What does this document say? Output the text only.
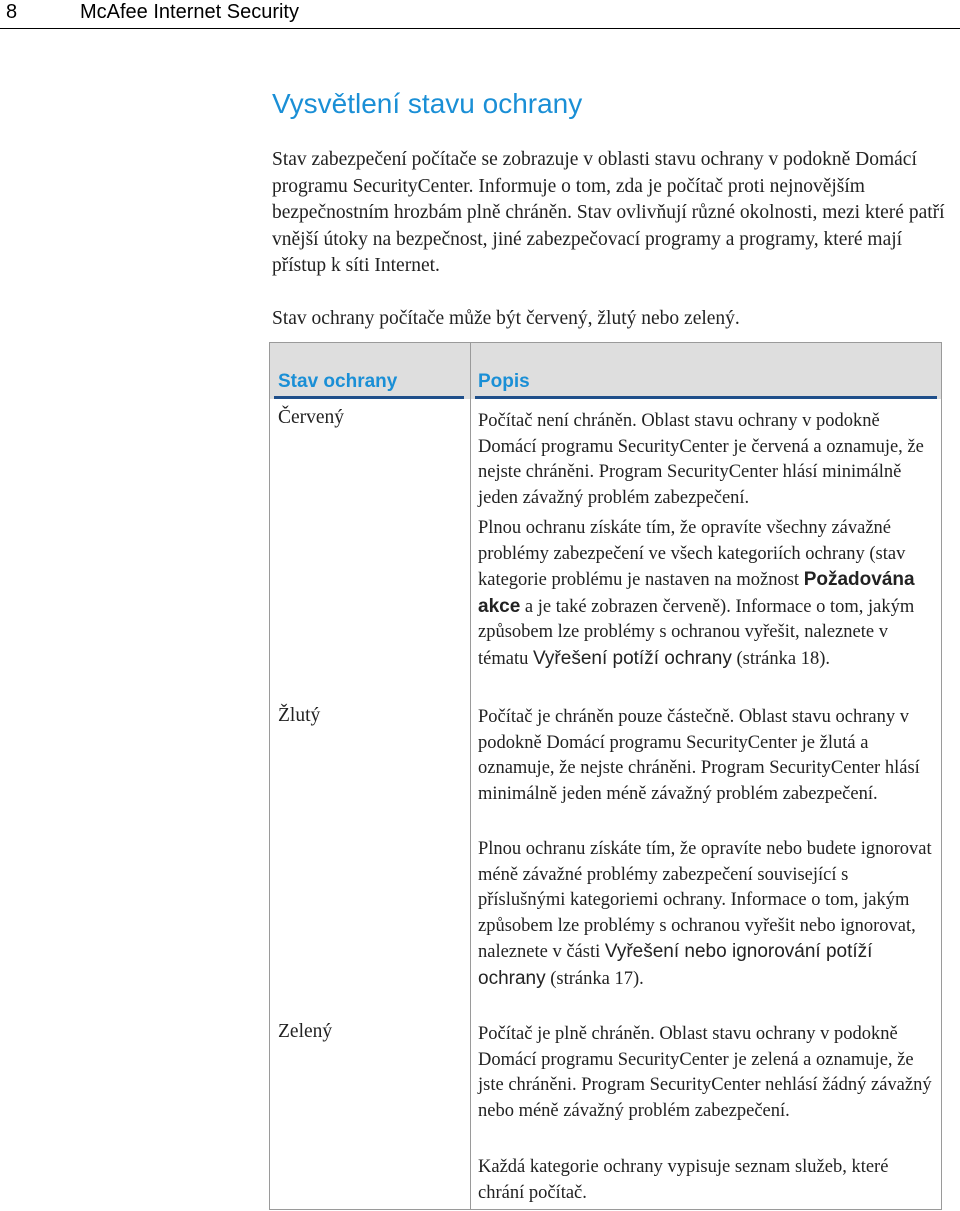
8	McAfee Internet Security
Vysvětlení stavu ochrany

Stav zabezpečení počítače se zobrazuje v oblasti stavu ochrany v podokně Domácí programu SecurityCenter. Informuje o tom, zda je počítač proti nejnovějším bezpečnostním hrozbám plně chráněn. Stav ovlivňují různé okolnosti, mezi které patří vnější útoky na bezpečnost, jiné zabezpečovací programy a programy, které mají přístup k síti Internet.

Stav ochrany počítače může být červený, žlutý nebo zelený.

Stav ochrany	Popis
Červený	Počítač není chráněn. Oblast stavu ochrany v podokně Domácí programu SecurityCenter je červená a oznamuje, že nejste chráněni. Program SecurityCenter hlásí minimálně jeden závažný problém zabezpečení.

Plnou ochranu získáte tím, že opravíte všechny závažné problémy zabezpečení ve všech kategoriích ochrany (stav kategorie problému je nastaven na možnost Požadována akce a je také zobrazen červeně). Informace o tom, jakým způsobem lze problémy s ochranou vyřešit, naleznete v tématu Vyřešení potíží ochrany (stránka 18).

Žlutý	Počítač je chráněn pouze částečně. Oblast stavu ochrany v podokně Domácí programu SecurityCenter je žlutá a oznamuje, že nejste chráněni. Program SecurityCenter hlásí minimálně jeden méně závažný problém zabezpečení.

Plnou ochranu získáte tím, že opravíte nebo budete ignorovat méně závažné problémy zabezpečení související s příslušnými kategoriemi ochrany. Informace o tom, jakým způsobem lze problémy s ochranou vyřešit nebo ignorovat, naleznete v části Vyřešení nebo ignorování potíží ochrany (stránka 17).

Zelený	Počítač je plně chráněn. Oblast stavu ochrany v podokně Domácí programu SecurityCenter je zelená a oznamuje, že jste chráněni. Program SecurityCenter nehlásí žádný závažný nebo méně závažný problém zabezpečení.

Každá kategorie ochrany vypisuje seznam služeb, které chrání počítač.
